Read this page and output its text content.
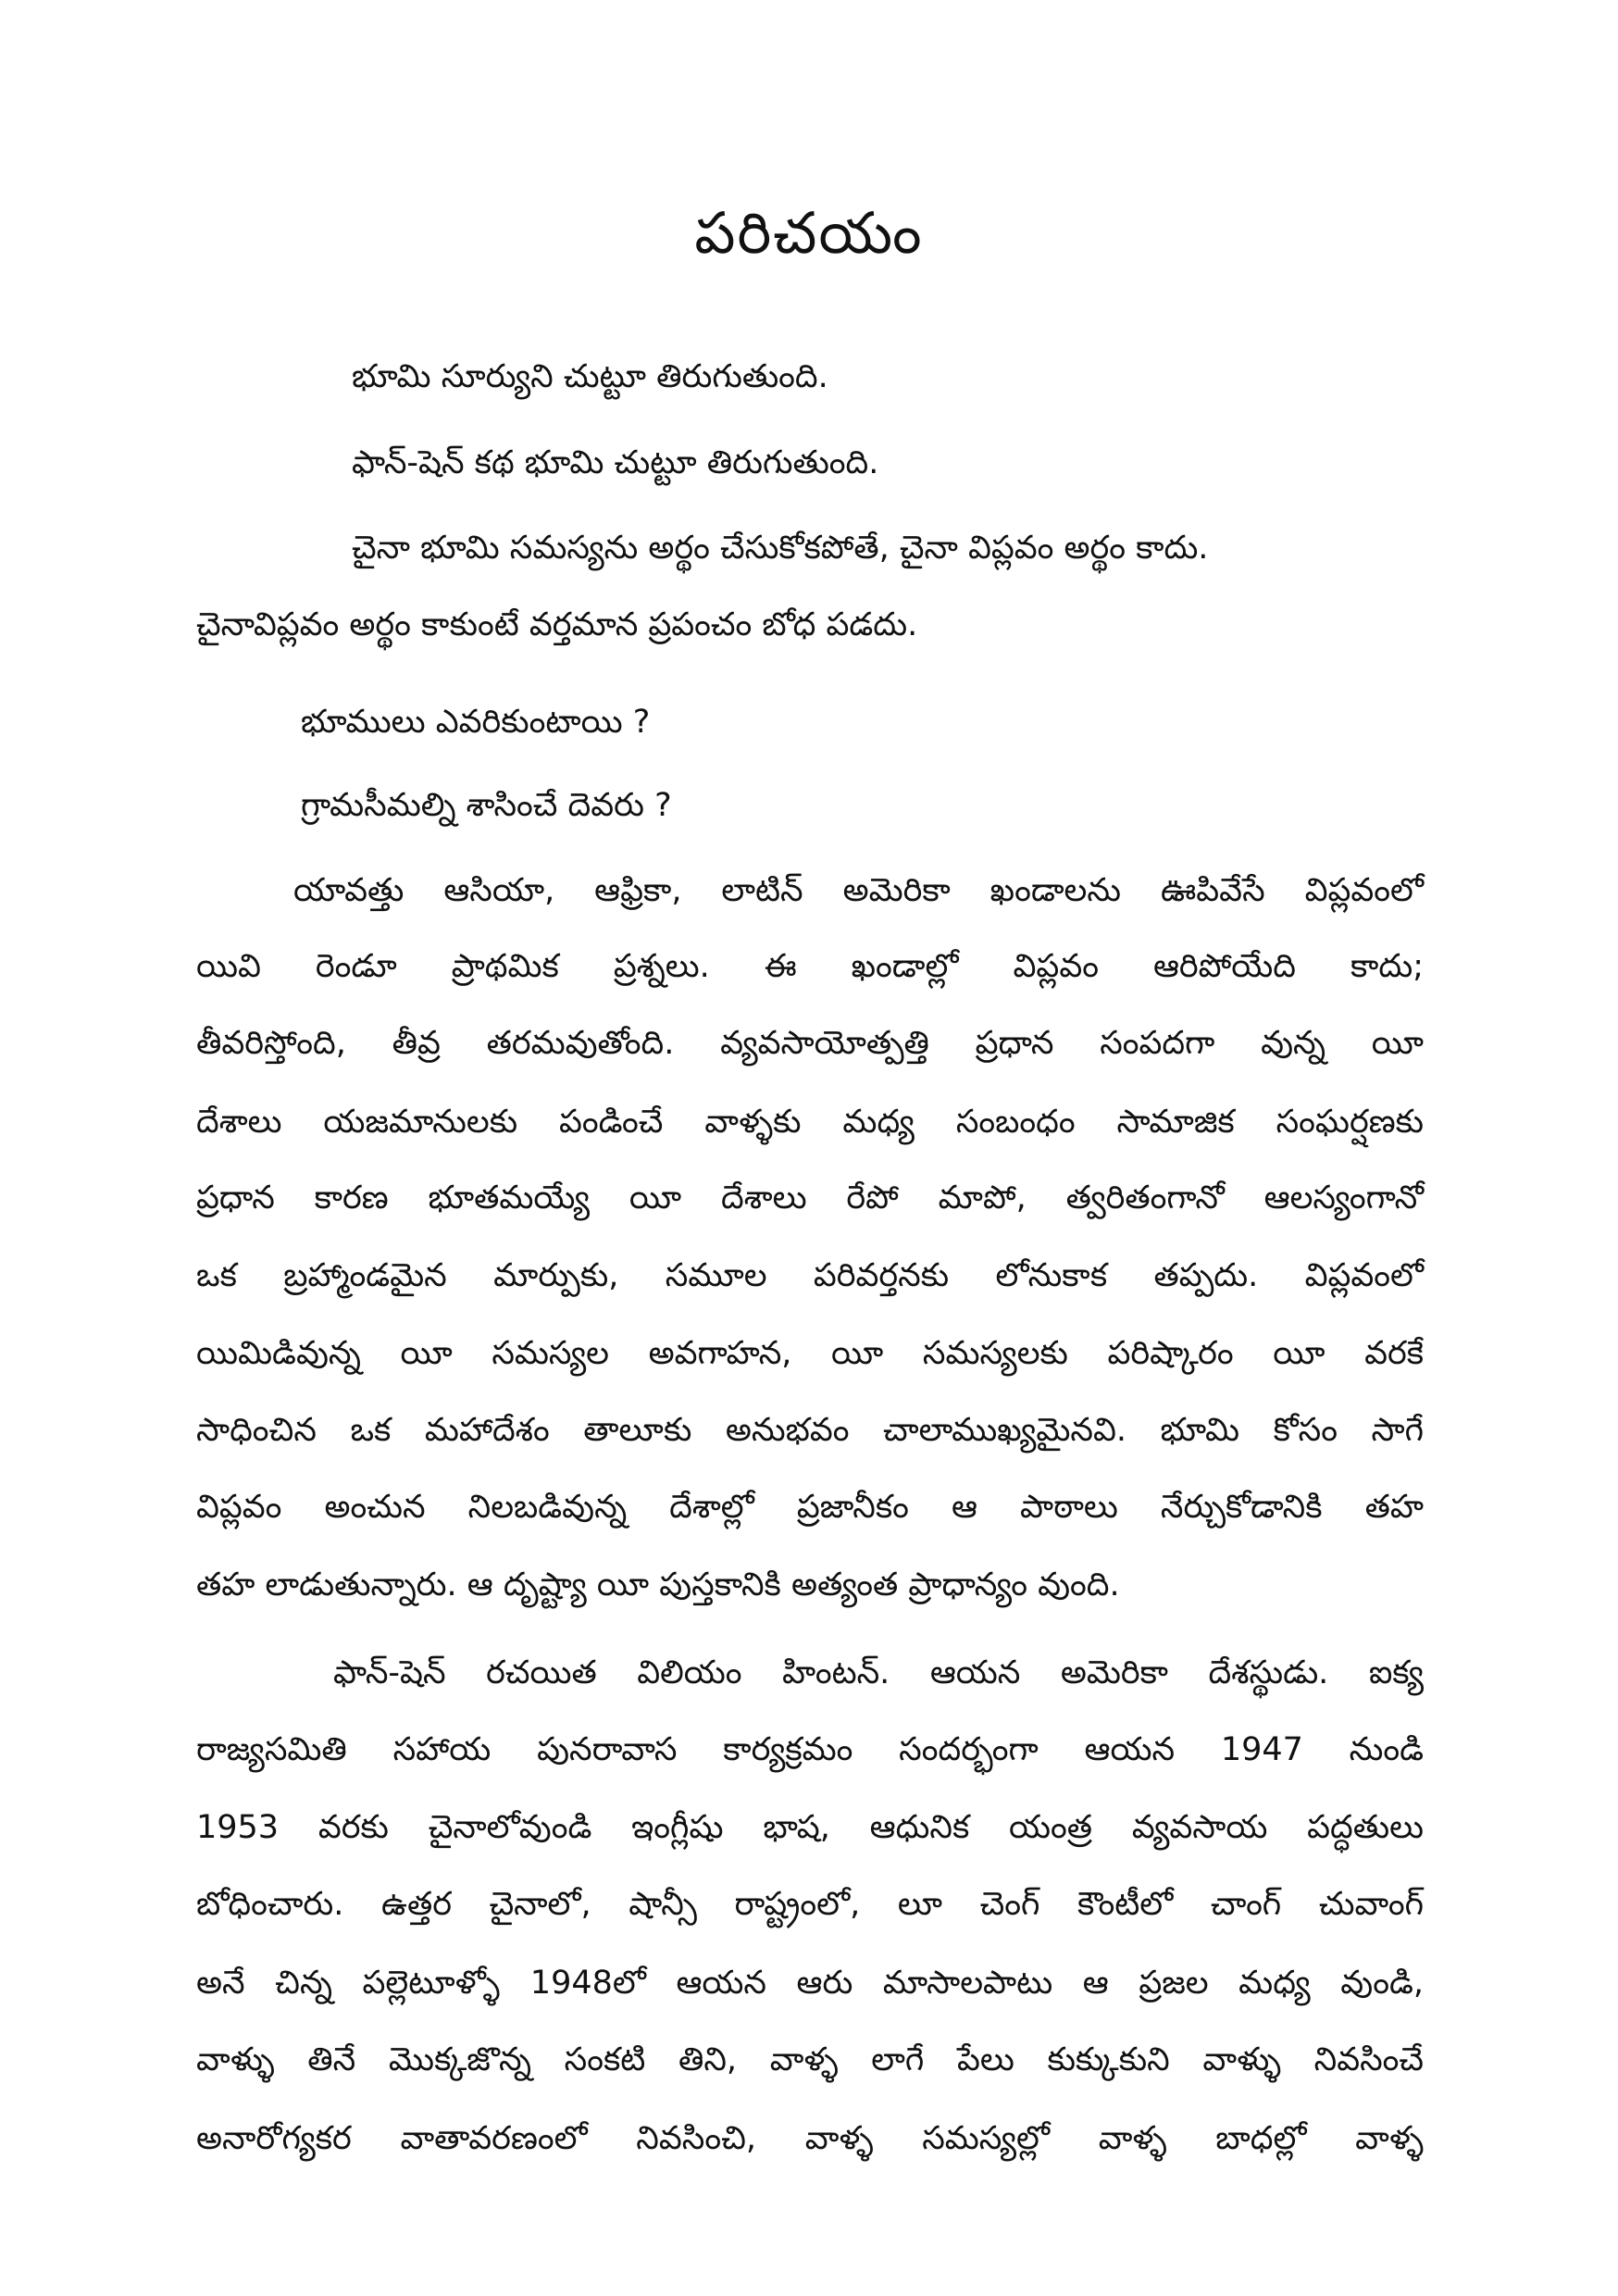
పరిచయం
భూమి సూర్యుని చుట్టూ తిరుగుతుంది.
ఫాన్-షెన్ కథ భూమి చుట్టూ తిరుగుతుంది.
చైనా భూమి సమస్యను అర్థం చేసుకోకపోతే, చైనా విప్లవం అర్థం కాదు.
చైనావిప్లవం అర్థం కాకుంటే వర్తమాన ప్రపంచం బోధ పడదు.
భూములు ఎవరికుంటాయి ?
గ్రామసీమల్ని శాసించే దెవరు ?
యావత్తు ఆసియా, ఆఫ్రికా, లాటిన్ అమెరికా ఖండాలను ఊపివేసే విప్లవంలో
యివి రెండూ ప్రాథమిక ప్రశ్నలు. ఈ ఖండాల్లో విప్లవం ఆరిపోయేది కాదు;
తీవరిస్తోంది, తీవ్ర తరమవుతోంది. వ్యవసాయోత్పత్తి ప్రధాన సంపదగా వున్న యీ
దేశాలు యజమానులకు పండించే వాళ్ళకు మధ్య సంబంధం సామాజిక సంఘర్షణకు
ప్రధాన కారణ భూతమయ్యే యీ దేశాలు రేపో మాపో, త్వరితంగానో ఆలస్యంగానో
ఒక బ్రహ్మాండమైన మార్పుకు, సమూల పరివర్తనకు లోనుకాక తప్పదు. విప్లవంలో
యిమిడివున్న యీ సమస్యల అవగాహన, యీ సమస్యలకు పరిష్కారం యీ వరకే
సాధించిన ఒక మహాదేశం తాలూకు అనుభవం చాలాముఖ్యమైనవి. భూమి కోసం సాగే
విప్లవం అంచున నిలబడివున్న దేశాల్లో ప్రజానీకం ఆ పాఠాలు నేర్చుకోడానికి తహ
తహ లాడుతున్నారు. ఆ దృష్ట్యా యీ పుస్తకానికి అత్యంత ప్రాధాన్యం వుంది.
ఫాన్-షెన్ రచయిత విలియం హింటన్. ఆయన అమెరికా దేశస్థుడు. ఐక్య
రాజ్యసమితి సహాయ పునరావాస కార్యక్రమం సందర్భంగా ఆయన 1947 నుండి
1953 వరకు చైనాలోవుండి ఇంగ్లీషు భాష, ఆధునిక యంత్ర వ్యవసాయ పద్ధతులు
బోధించారు. ఉత్తర చైనాలో, షాన్సీ రాష్ట్రంలో, లూ చెంగ్ కౌంటీలో చాంగ్ చువాంగ్
అనే చిన్న పల్లెటూళ్ళో 1948లో ఆయన ఆరు మాసాలపాటు ఆ ప్రజల మధ్య వుండి,
వాళ్ళు తినే మొక్కజొన్న సంకటి తిని, వాళ్ళ లాగే పేలు కుక్కుకుని వాళ్ళు నివసించే
అనారోగ్యకర వాతావరణంలో నివసించి, వాళ్ళ సమస్యల్లో వాళ్ళ బాధల్లో వాళ్ళ
